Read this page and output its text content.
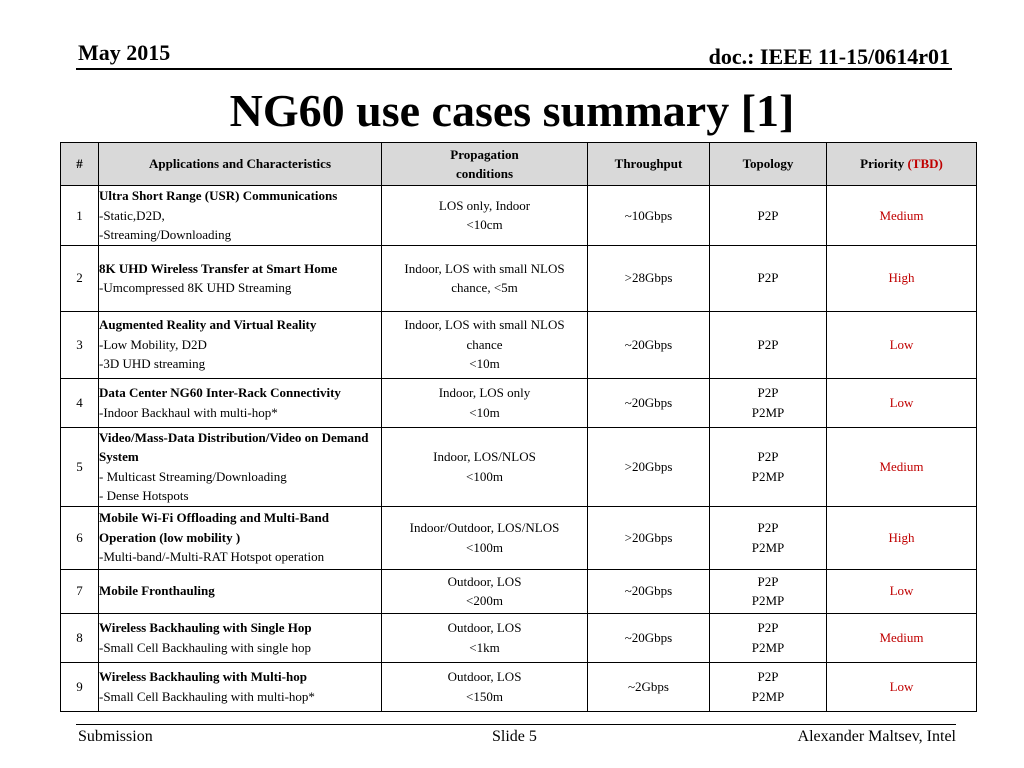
May 2015	doc.: IEEE 11-15/0614r01
NG60 use cases summary [1]
#	Applications and Characteristics	Propagation
conditions	Throughput	Topology	Priority (TBD)
1	Ultra Short Range (USR) Communications
-Static,D2D,
-Streaming/Downloading	LOS only, Indoor
<10cm	~10Gbps	P2P	Medium
2	8K UHD Wireless Transfer at Smart Home
-Umcompressed 8K UHD Streaming	Indoor, LOS with small NLOS
chance, <5m	>28Gbps	P2P	High
3	Augmented Reality and Virtual Reality
-Low Mobility, D2D
-3D UHD streaming	Indoor, LOS with small NLOS
chance
<10m	~20Gbps	P2P	Low
4	Data Center NG60 Inter-Rack Connectivity
-Indoor Backhaul with multi-hop*	Indoor, LOS only
<10m	~20Gbps	P2P
P2MP	Low
5	Video/Mass-Data Distribution/Video on Demand System
- Multicast Streaming/Downloading
- Dense Hotspots	Indoor, LOS/NLOS
<100m	>20Gbps	P2P
P2MP	Medium
6	Mobile Wi-Fi Offloading and Multi-Band Operation (low mobility )
-Multi-band/-Multi-RAT Hotspot operation	Indoor/Outdoor, LOS/NLOS
<100m	>20Gbps	P2P
P2MP	High
7	Mobile Fronthauling	Outdoor, LOS
<200m	~20Gbps	P2P
P2MP	Low
8	Wireless Backhauling with Single Hop
-Small Cell Backhauling with single hop	Outdoor, LOS
<1km	~20Gbps	P2P
P2MP	Medium
9	Wireless Backhauling with Multi-hop
-Small Cell Backhauling with multi-hop*	Outdoor, LOS
<150m	~2Gbps	P2P
P2MP	Low
Submission	Slide 5	Alexander Maltsev, Intel
